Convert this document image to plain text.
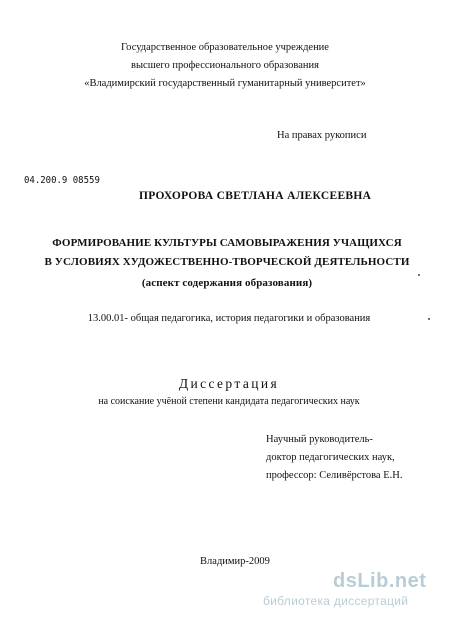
Государственное образовательное учреждение
высшего профессионального образования
«Владимирский государственный гуманитарный университет»
На правах рукописи
04.200.9 08559
ПРОХОРОВА СВЕТЛАНА АЛЕКСЕЕВНА
ФОРМИРОВАНИЕ КУЛЬТУРЫ САМОВЫРАЖЕНИЯ УЧАЩИХСЯ
В УСЛОВИЯХ ХУДОЖЕСТВЕННО-ТВОРЧЕСКОЙ ДЕЯТЕЛЬНОСТИ
(аспект содержания образования)
13.00.01- общая педагогика, история педагогики и образования
Диссертация
на соискание учёной степени кандидата педагогических наук
Научный руководитель-
доктор педагогических наук,
профессор: Селивёрстова Е.Н.
Владимир-2009
dsLib.net
библиотека диссертаций
